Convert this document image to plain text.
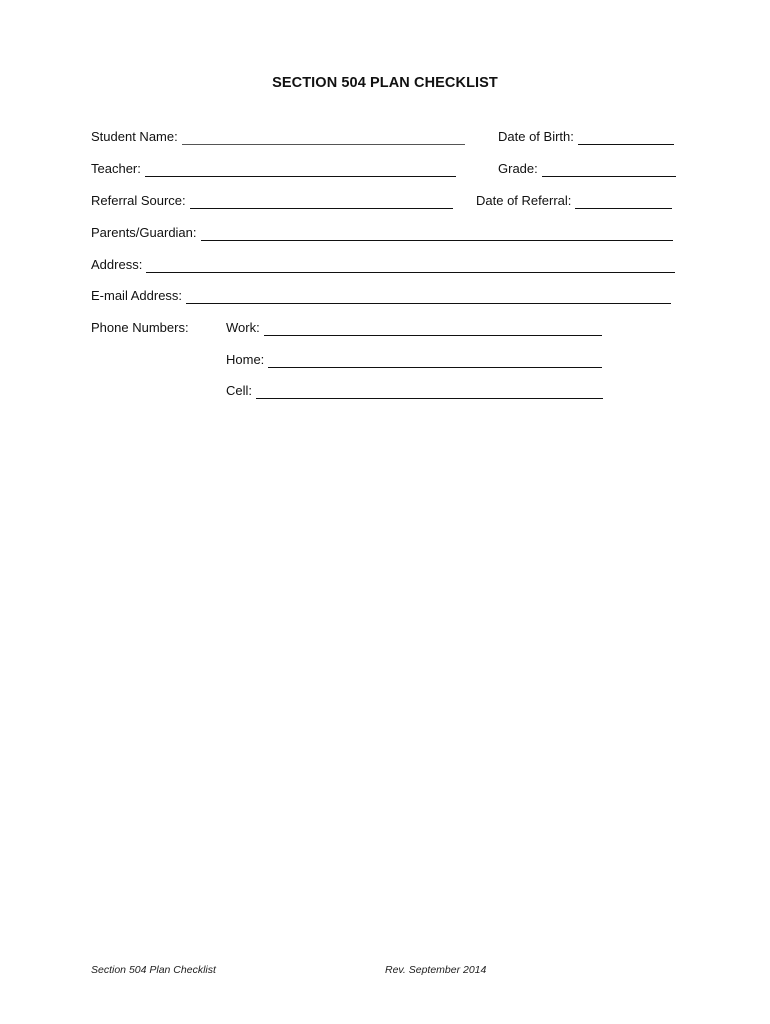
SECTION 504 PLAN CHECKLIST
Student Name:	Date of Birth:
Teacher:	Grade:
Referral Source:	Date of Referral:
Parents/Guardian:
Address:
E-mail Address:
Phone Numbers:	Work:
Home:
Cell:
Section 504 Plan Checklist	Rev. September 2014
